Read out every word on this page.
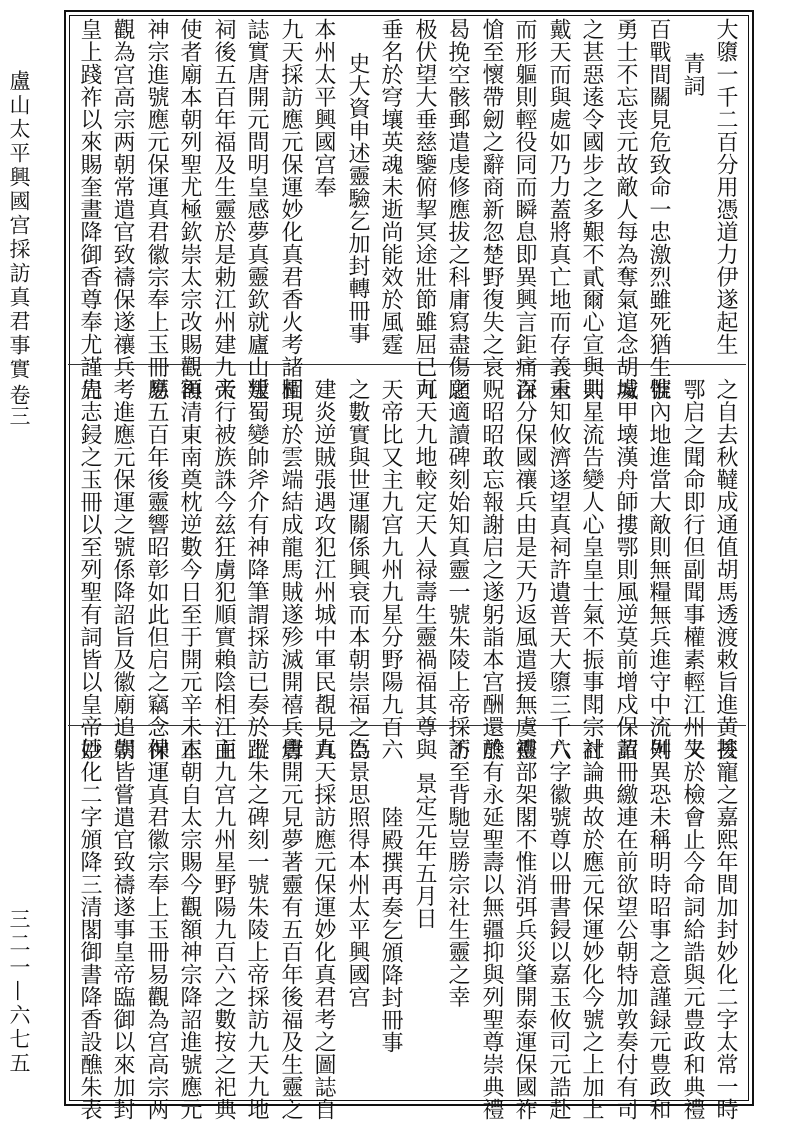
盧山太平興國宫採訪真君事實
卷三
三二一—六七五
大隳一千二百分用憑道力伊遂起生
青詞
百戰間關見危致命一忠激烈雖死猶生惟
勇士不忘丧元故敵人每為奪氣逭念胡䖏
之甚惡逺令國步之多艱不貳爾心宣與共
戴天而與處如乃力蓋將真亡地而存義重
而形軀則輕役同而瞬息即異興言鉅痛深
愴至懷帶劒之辭商新忽楚野復失之哀
曷挽空骸郵遣虔修應拔之科庸寫盡傷之
极伏望大垂慈鑒俯挈冥途壯節雖屈已可
垂名於穹壤英魂未逝尚能效於風霆
史大資申述靈驗乞加封轉冊事
本州太平興國宫奉
九天採訪應元保運妙化真君香火考諸圖
誌實唐開元間明皇感夢真靈欽就廬山建
祠後五百年福及生靈於是勅江州建九天
使者廟本朝列聖尤極欽崇太宗改賜觀額
神宗進號應元保運真君徽宗奉上玉冊易
觀為宫高宗两朝常遣官致禱保遂禳兵
皇上踐祚以來賜奎畫降御香尊奉尤謹启
之自去秋韃成通值胡馬透渡敕旨進黄捘
鄂启之聞命即行但副聞事權素輕江州又
號內地進當大敵則無糧無兵進守中流則
城甲壊漢舟師摟鄂則風逆莫前增戍保黄
則星流告變人心皇皇士氣不振事閗宗社
未知攸濟遂望真祠許遺普天大隳三千六
百分保國禳兵由是天乃返風遣援無虞靈
贶昭昭敢忘報謝启之遂躬詣本宫酬還醮
願適讀碑刻始知真靈一號朱陵上帝採訪
九天九地較定天人禄壽生靈禍福其尊與
天帝比又主九宫九州九星分野陽九百六
之數實與世運關係興衰而本朝崇福之為
建炎逆賊張遇攻犯江州城中軍民覩見真
相現於雲端結成龍馬賊遂殄滅開禧兵釁
叛蜀變帥斧介有神降筆謂採訪已奏於上
帝行被族誅今兹狂虜犯順實賴陰相江面
再清東南奠枕逆數今日至于開元辛未正
應五百年後靈響昭彰如此但启之竊念神
考進應元保運之號係降詔旨及徽廟追崇
先志鋟之玉冊以至列聖有詞皆以皇帝臣
甚寵之嘉熙年間加封妙化二字太常一時
失於檢會止今命詞給誥與元豊政和典禮
舛異恐未稱明時昭事之意謹録元豊政和
詔冊繳連在前欲望公朝特加敦奏付有司
討論典故於應元保運妙化今號之上加上
八字徽號尊以冊書鋟以嘉玉攸司元誥赴
禮部架閣不惟消弭兵災肇開泰運保國祚
於有永延聖壽以無疆抑與列聖尊崇典禮
不至背馳豈勝宗社生靈之幸
景定元年五月日
陸殿撰再奏乞頒降封冊事
臣景思照得本州太平興國宫
九天採訪應元保運妙化真君考之圖誌自
唐開元見夢著靈有五百年後福及生靈之
蹤朱之碑刻一號朱陵上帝採訪九天九地
主九宫九州星野陽九百六之數按之祀典
本朝自太宗賜今觀額神宗降詔進號應元
保運真君徽宗奉上玉冊易觀為宫高宗两
朝皆嘗遣官致禱遂事皇帝臨御以來加封
妙化二字頒降三清閣御書降香設醮朱表
